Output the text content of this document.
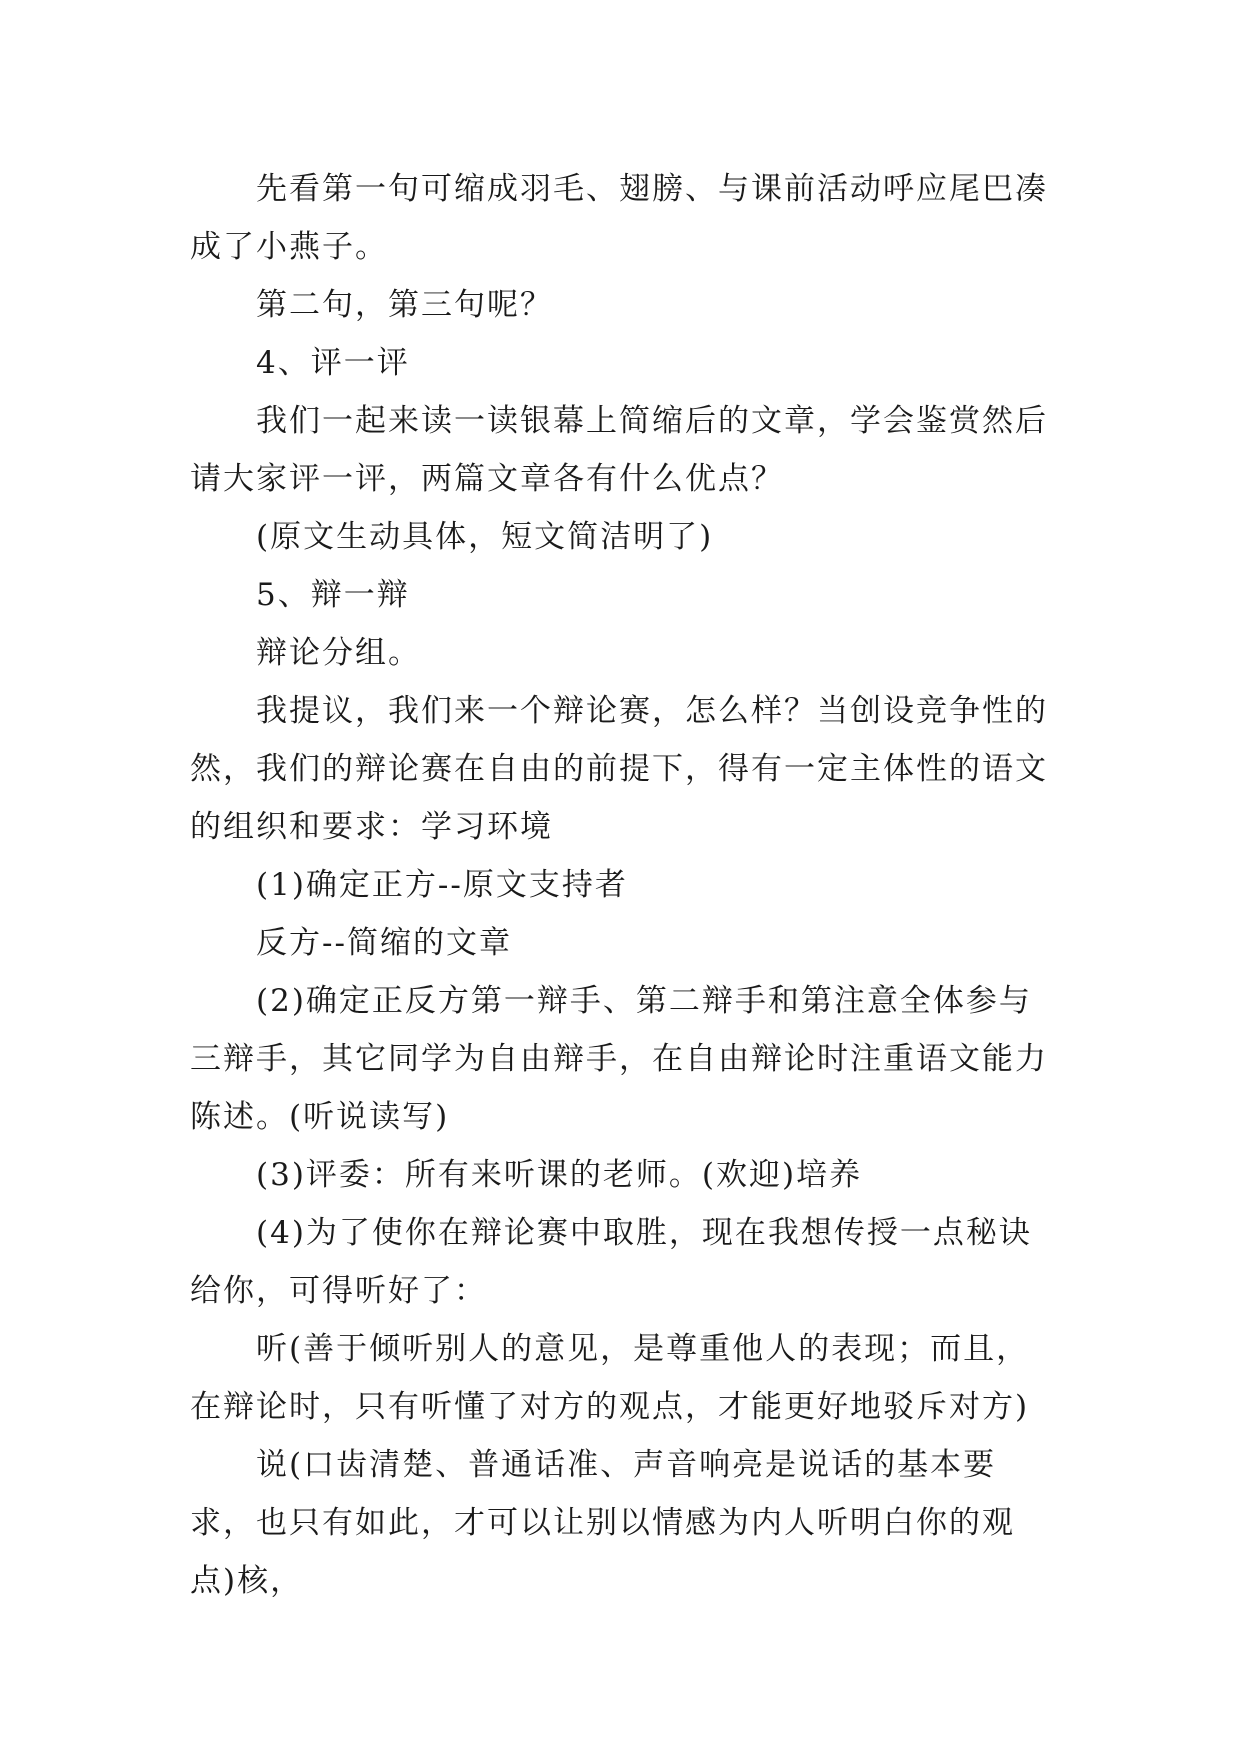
先看第一句可缩成羽毛、翅膀、与课前活动呼应尾巴凑成了小燕子。

第二句，第三句呢？

4、评一评

我们一起来读一读银幕上简缩后的文章，学会鉴赏然后请大家评一评，两篇文章各有什么优点？

(原文生动具体，短文简洁明了)

5、辩一辩

辩论分组。

我提议，我们来一个辩论赛，怎么样？当创设竞争性的然，我们的辩论赛在自由的前提下，得有一定主体性的语文的组织和要求：学习环境

(1)确定正方--原文支持者

反方--简缩的文章

(2)确定正反方第一辩手、第二辩手和第注意全体参与三辩手，其它同学为自由辩手，在自由辩论时注重语文能力陈述。(听说读写)

(3)评委：所有来听课的老师。(欢迎)培养

(4)为了使你在辩论赛中取胜，现在我想传授一点秘诀给你，可得听好了：

听(善于倾听别人的意见，是尊重他人的表现；而且，在辩论时，只有听懂了对方的观点，才能更好地驳斥对方)

说(口齿清楚、普通话准、声音响亮是说话的基本要求，也只有如此，才可以让别以情感为内人听明白你的观点)核，
